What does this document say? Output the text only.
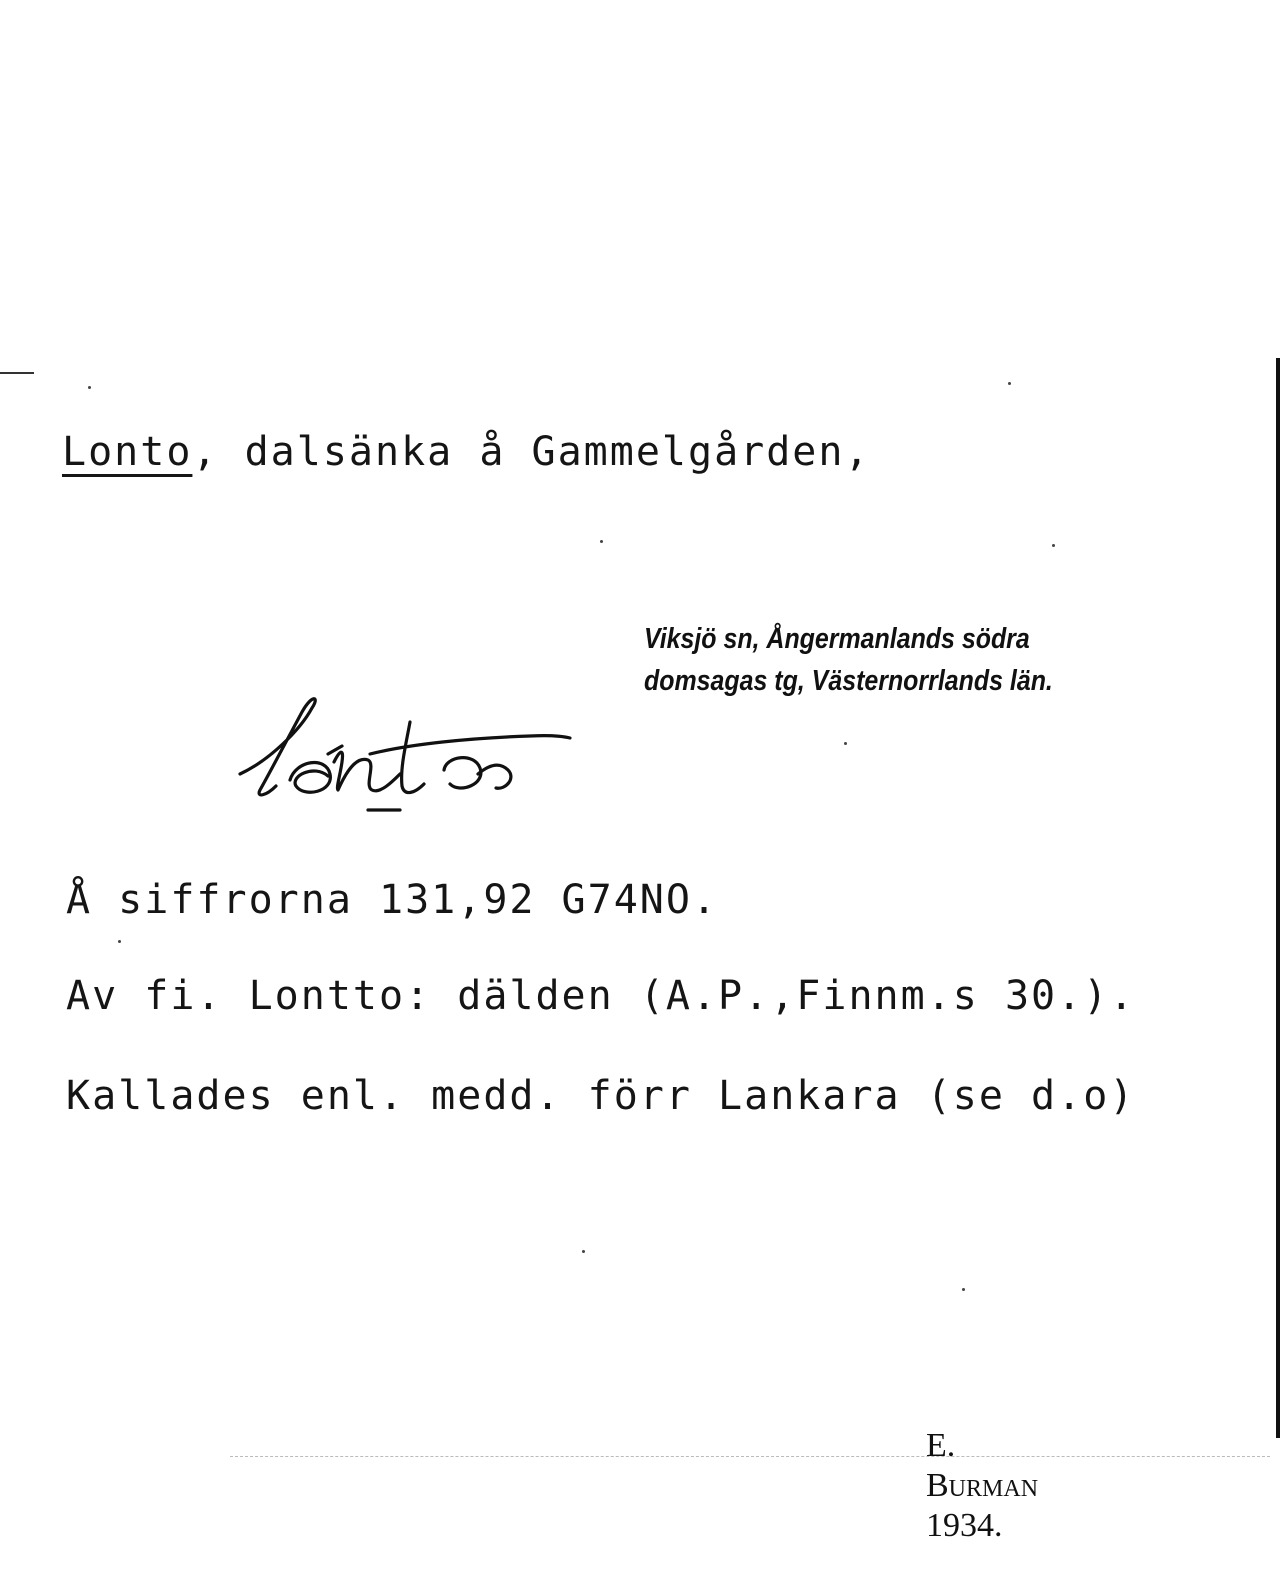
Lonto, dalsänka å Gammelgården,
Viksjö sn, Ångermanlands södra
domsagas tg, Västernorrlands län.
Å siffrorna 131,92 G74NO.
Av fi. Lontto: dälden (A.P.,Finnm.s 30.).
Kallades enl. medd. förr Lankara (se d.o)

E.
Burman
1934.
